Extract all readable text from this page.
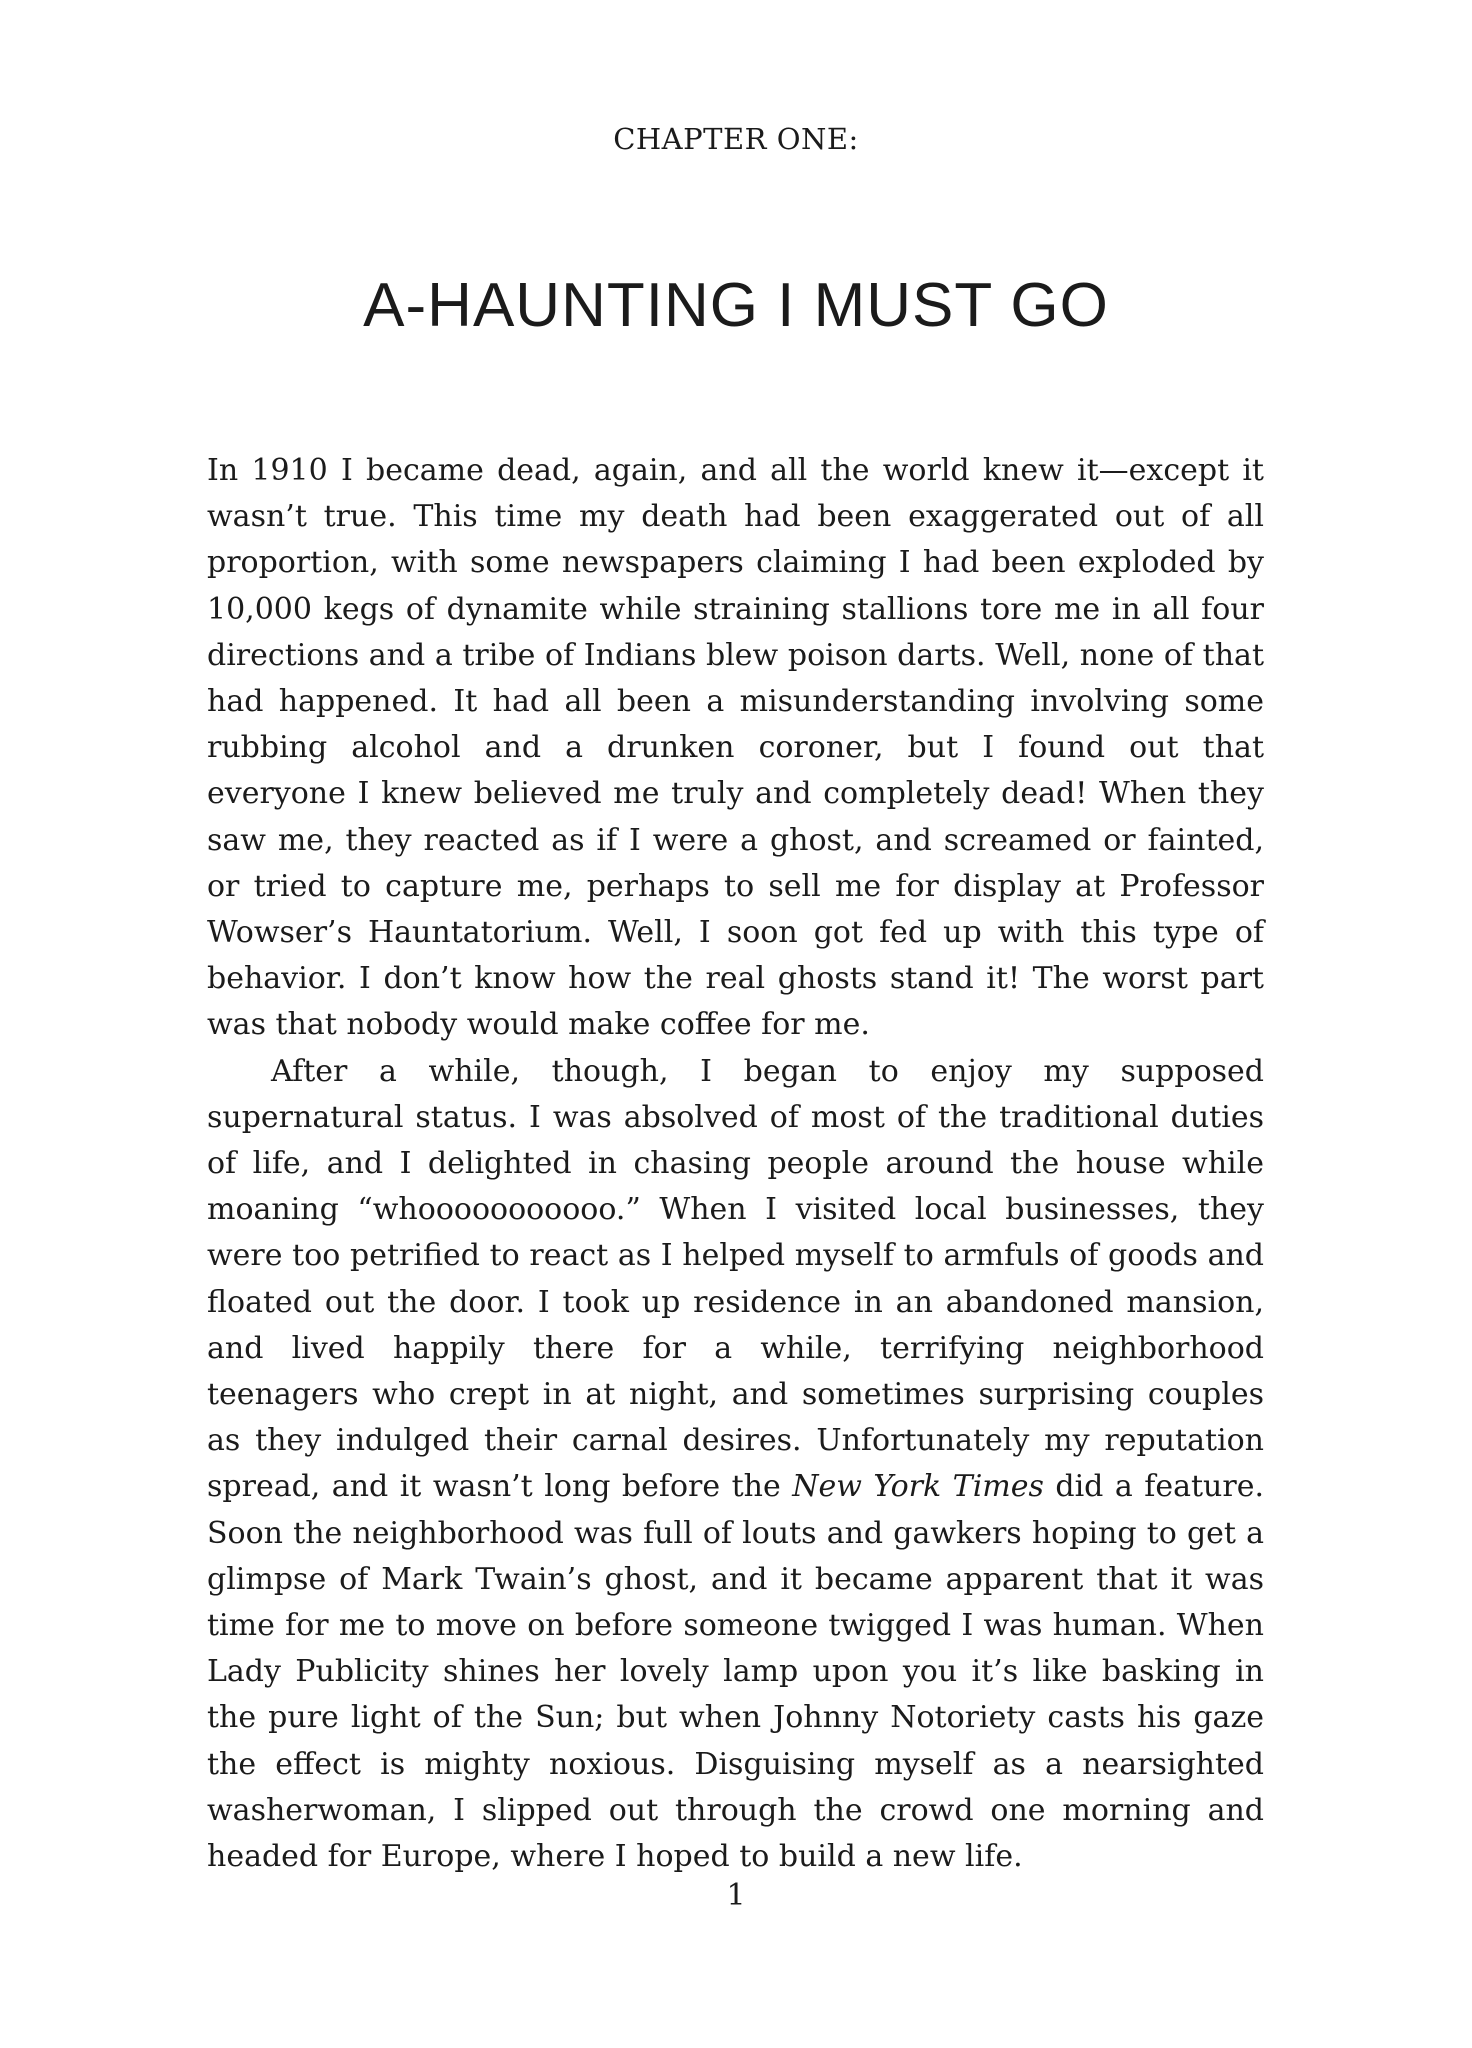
CHAPTER ONE:
A-HAUNTING I MUST GO

In 1910 I became dead, again, and all the world knew it—except it wasn’t true. This time my death had been exaggerated out of all proportion, with some newspapers claiming I had been exploded by 10,000 kegs of dynamite while straining stallions tore me in all four directions and a tribe of Indians blew poison darts. Well, none of that had happened. It had all been a misunderstanding involving some rubbing alcohol and a drunken coroner, but I found out that everyone I knew believed me truly and completely dead! When they saw me, they reacted as if I were a ghost, and screamed or fainted, or tried to capture me, perhaps to sell me for display at Professor Wowser’s Hauntatorium. Well, I soon got fed up with this type of behavior. I don’t know how the real ghosts stand it! The worst part was that nobody would make coffee for me.

After a while, though, I began to enjoy my supposed supernatural status. I was absolved of most of the traditional duties of life, and I delighted in chasing people around the house while moaning “whooooooooooo.” When I visited local businesses, they were too petrified to react as I helped myself to armfuls of goods and floated out the door. I took up residence in an abandoned mansion, and lived happily there for a while, terrifying neighborhood teenagers who crept in at night, and sometimes surprising couples as they indulged their carnal desires. Unfortunately my reputation spread, and it wasn’t long before the New York Times did a feature. Soon the neighborhood was full of louts and gawkers hoping to get a glimpse of Mark Twain’s ghost, and it became apparent that it was time for me to move on before someone twigged I was human. When Lady Publicity shines her lovely lamp upon you it’s like basking in the pure light of the Sun; but when Johnny Notoriety casts his gaze the effect is mighty noxious. Disguising myself as a nearsighted washerwoman, I slipped out through the crowd one morning and headed for Europe, where I hoped to build a new life.

1
